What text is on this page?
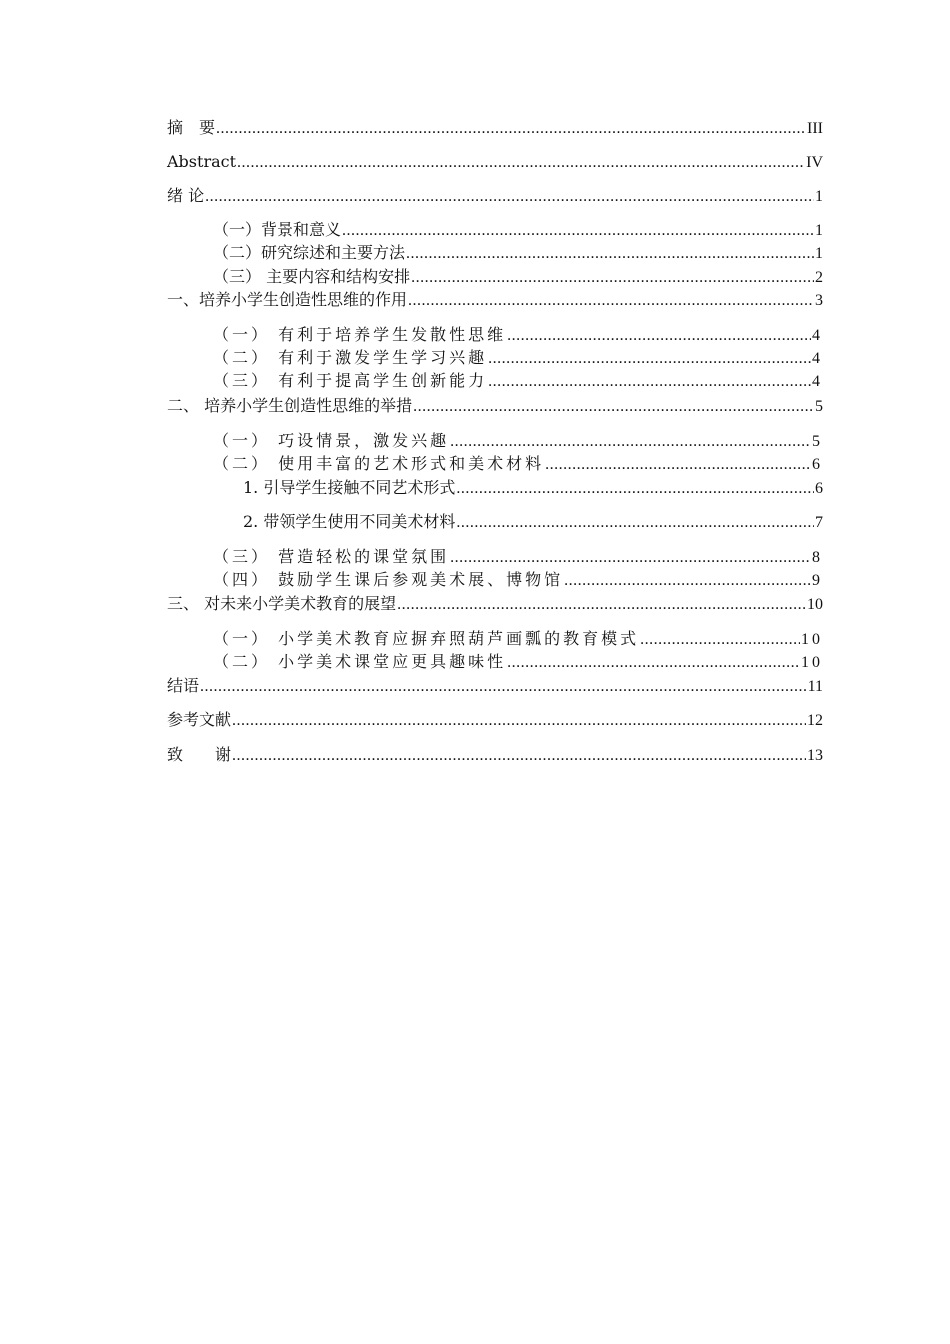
摘　要 .....	III
Abstract .....	IV
绪 论 .....	1
（一）背景和意义 .....	1
（二）研究综述和主要方法 .....	1
（三） 主要内容和结构安排 .....	2
一、培养小学生创造性思维的作用 .....	3
（一） 有利于培养学生发散性思维 .....	4
（二） 有利于激发学生学习兴趣 .....	4
（三） 有利于提高学生创新能力 .....	4
二、 培养小学生创造性思维的举措 .....	5
（一） 巧设情景，激发兴趣 .....	5
（二） 使用丰富的艺术形式和美术材料 .....	6
1. 引导学生接触不同艺术形式 .....	6
2. 带领学生使用不同美术材料 .....	7
（三） 营造轻松的课堂氛围 .....	8
（四） 鼓励学生课后参观美术展、博物馆 .....	9
三、 对未来小学美术教育的展望 .....	10
（一） 小学美术教育应摒弃照葫芦画瓢的教育模式 .....	10
（二） 小学美术课堂应更具趣味性 .....	10
结语 .....	11
参考文献 .....	12
致　　谢 .....	13
